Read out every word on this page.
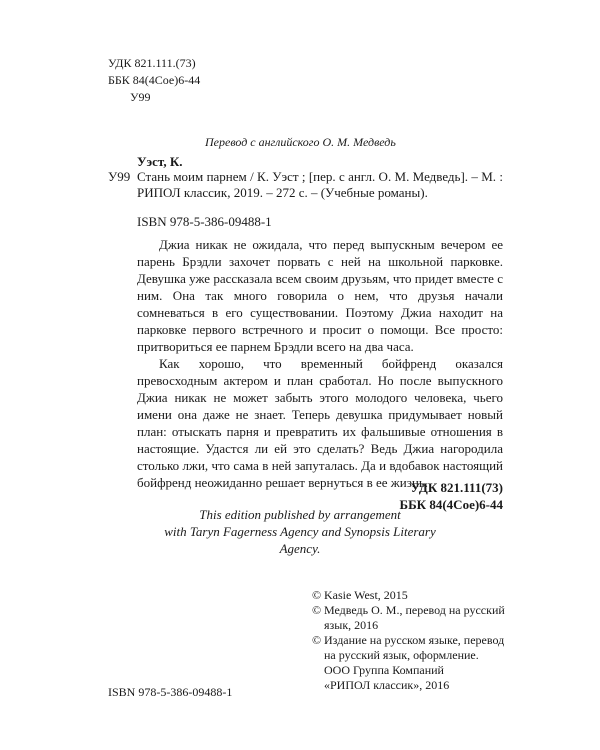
УДК 821.111.(73)
ББК 84(4Сое)6-44
У99
Перевод с английского О. М. Медведь
Уэст, К.
У99 Стань моим парнем / К. Уэст ; [пер. с англ. О. М. Медведь]. – М. : РИПОЛ классик, 2019. – 272 с. – (Учебные романы).
ISBN 978-5-386-09488-1

Джиа никак не ожидала, что перед выпускным вечером ее парень Брэдли захочет порвать с ней на школьной парковке. Девушка уже рассказала всем своим друзьям, что придет вместе с ним. Она так много говорила о нем, что друзья начали сомневаться в его существовании. Поэтому Джиа находит на парковке первого встречного и просит о помощи. Все просто: притвориться ее парнем Брэдли всего на два часа.

Как хорошо, что временный бойфренд оказался превосходным актером и план сработал. Но после выпускного Джиа никак не может забыть этого молодого человека, чьего имени она даже не знает. Теперь девушка придумывает новый план: отыскать парня и превратить их фальшивые отношения в настоящие. Удастся ли ей это сделать? Ведь Джиа нагородила столько лжи, что сама в ней запуталась. Да и вдобавок настоящий бойфренд неожиданно решает вернуться в ее жизнь.

УДК 821.111(73)
ББК 84(4Сое)6-44
This edition published by arrangement
with Taryn Fagerness Agency and Synopsis Literary Agency.
© Kasie West, 2015
© Медведь О. М., перевод на русский язык, 2016
© Издание на русском языке, перевод на русский язык, оформление.
ООО Группа Компаний
«РИПОЛ классик», 2016
ISBN 978-5-386-09488-1
